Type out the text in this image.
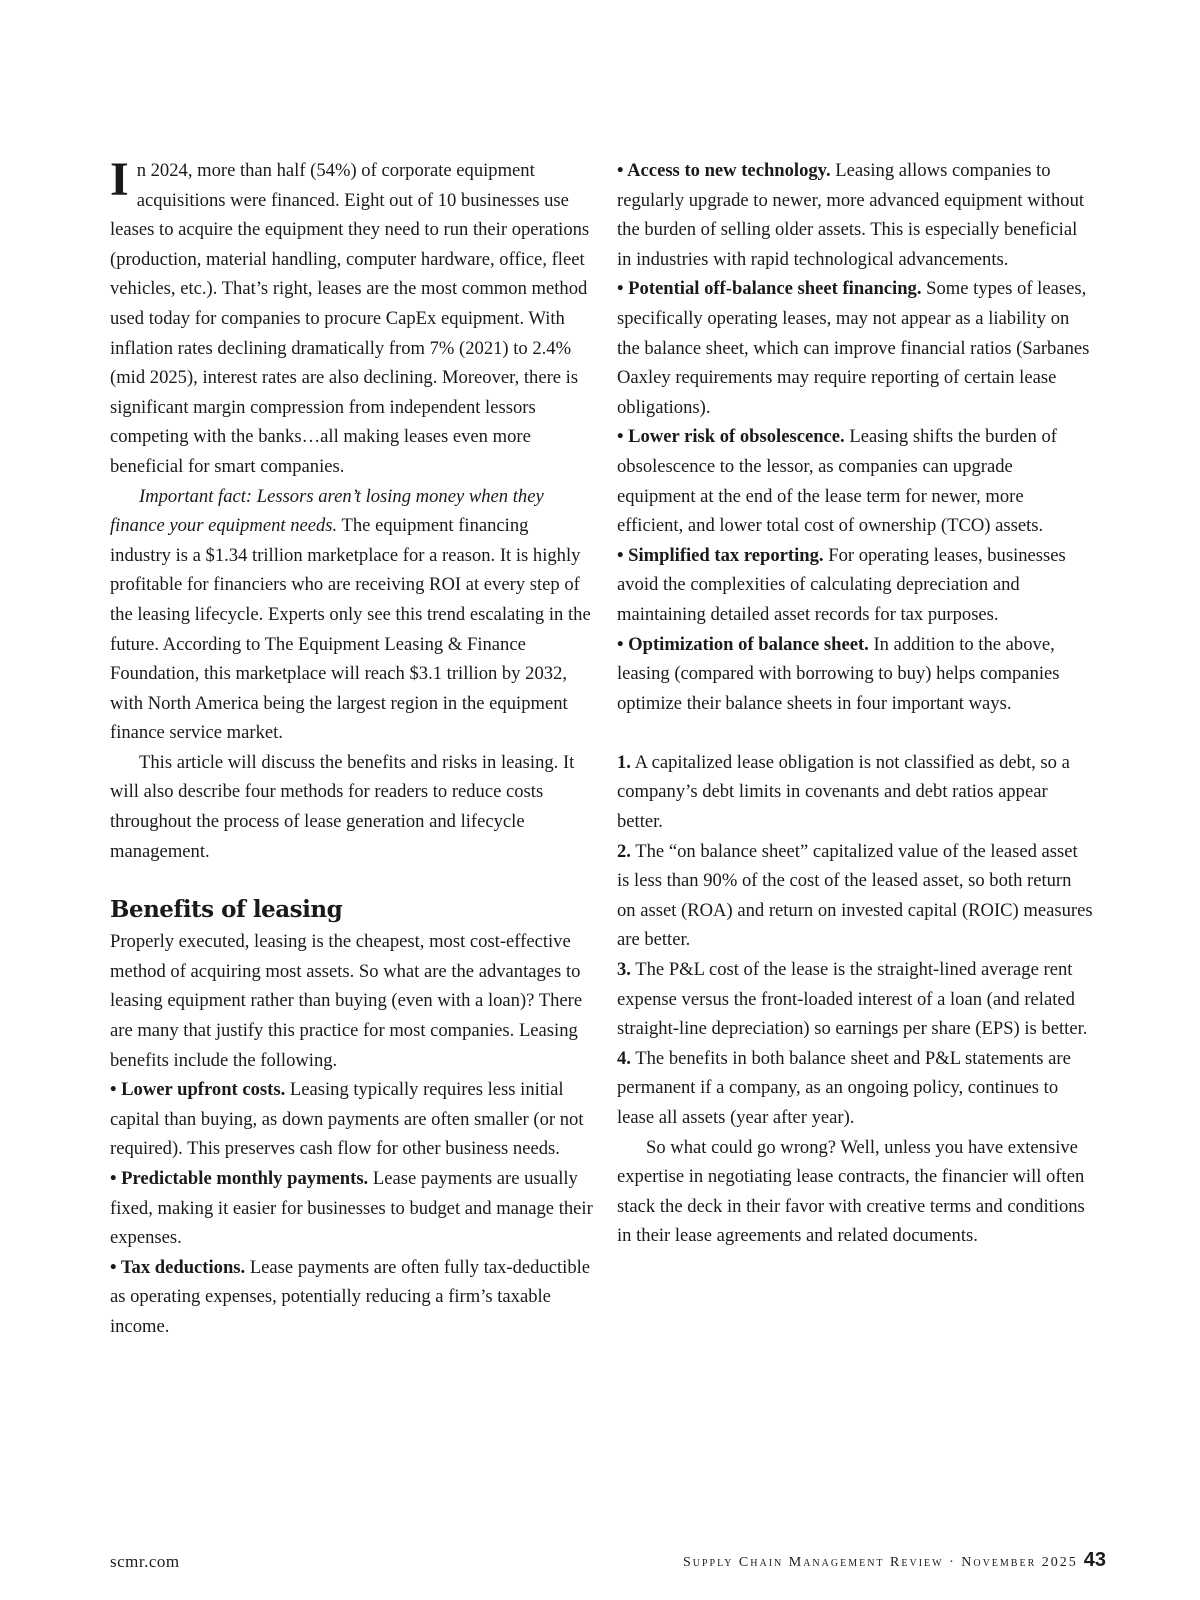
In 2024, more than half (54%) of corporate equipment acquisitions were financed. Eight out of 10 businesses use leases to acquire the equipment they need to run their operations (production, material handling, computer hardware, office, fleet vehicles, etc.). That’s right, leases are the most common method used today for companies to procure CapEx equipment. With inflation rates declining dramatically from 7% (2021) to 2.4% (mid 2025), interest rates are also declining. Moreover, there is significant margin compression from independent lessors competing with the banks…all making leases even more beneficial for smart companies.

Important fact: Lessors aren’t losing money when they finance your equipment needs. The equipment financing industry is a $1.34 trillion marketplace for a reason. It is highly profitable for financiers who are receiving ROI at every step of the leasing lifecycle. Experts only see this trend escalating in the future. According to The Equipment Leasing & Finance Foundation, this marketplace will reach $3.1 trillion by 2032, with North America being the largest region in the equipment finance service market.

This article will discuss the benefits and risks in leasing. It will also describe four methods for readers to reduce costs throughout the process of lease generation and lifecycle management.

Benefits of leasing

Properly executed, leasing is the cheapest, most cost-effective method of acquiring most assets. So what are the advantages to leasing equipment rather than buying (even with a loan)? There are many that justify this practice for most companies. Leasing benefits include the following.

• Lower upfront costs. Leasing typically requires less initial capital than buying, as down payments are often smaller (or not required). This preserves cash flow for other business needs.

• Predictable monthly payments. Lease payments are usually fixed, making it easier for businesses to budget and manage their expenses.

• Tax deductions. Lease payments are often fully tax-deductible as operating expenses, potentially reducing a firm’s taxable income.

• Access to new technology. Leasing allows companies to regularly upgrade to newer, more advanced equipment without the burden of selling older assets. This is especially beneficial in industries with rapid technological advancements.

• Potential off-balance sheet financing. Some types of leases, specifically operating leases, may not appear as a liability on the balance sheet, which can improve financial ratios (Sarbanes Oaxley requirements may require reporting of certain lease obligations).

• Lower risk of obsolescence. Leasing shifts the burden of obsolescence to the lessor, as companies can upgrade equipment at the end of the lease term for newer, more efficient, and lower total cost of ownership (TCO) assets.

• Simplified tax reporting. For operating leases, businesses avoid the complexities of calculating depreciation and maintaining detailed asset records for tax purposes.

• Optimization of balance sheet. In addition to the above, leasing (compared with borrowing to buy) helps companies optimize their balance sheets in four important ways.

1. A capitalized lease obligation is not classified as debt, so a company’s debt limits in covenants and debt ratios appear better.

2. The “on balance sheet” capitalized value of the leased asset is less than 90% of the cost of the leased asset, so both return on asset (ROA) and return on invested capital (ROIC) measures are better.

3. The P&L cost of the lease is the straight-lined average rent expense versus the front-loaded interest of a loan (and related straight-line depreciation) so earnings per share (EPS) is better.

4. The benefits in both balance sheet and P&L statements are permanent if a company, as an ongoing policy, continues to lease all assets (year after year).

So what could go wrong? Well, unless you have extensive expertise in negotiating lease contracts, the financier will often stack the deck in their favor with creative terms and conditions in their lease agreements and related documents.

scmr.com	Supply Chain Management Review · November 2025 43
